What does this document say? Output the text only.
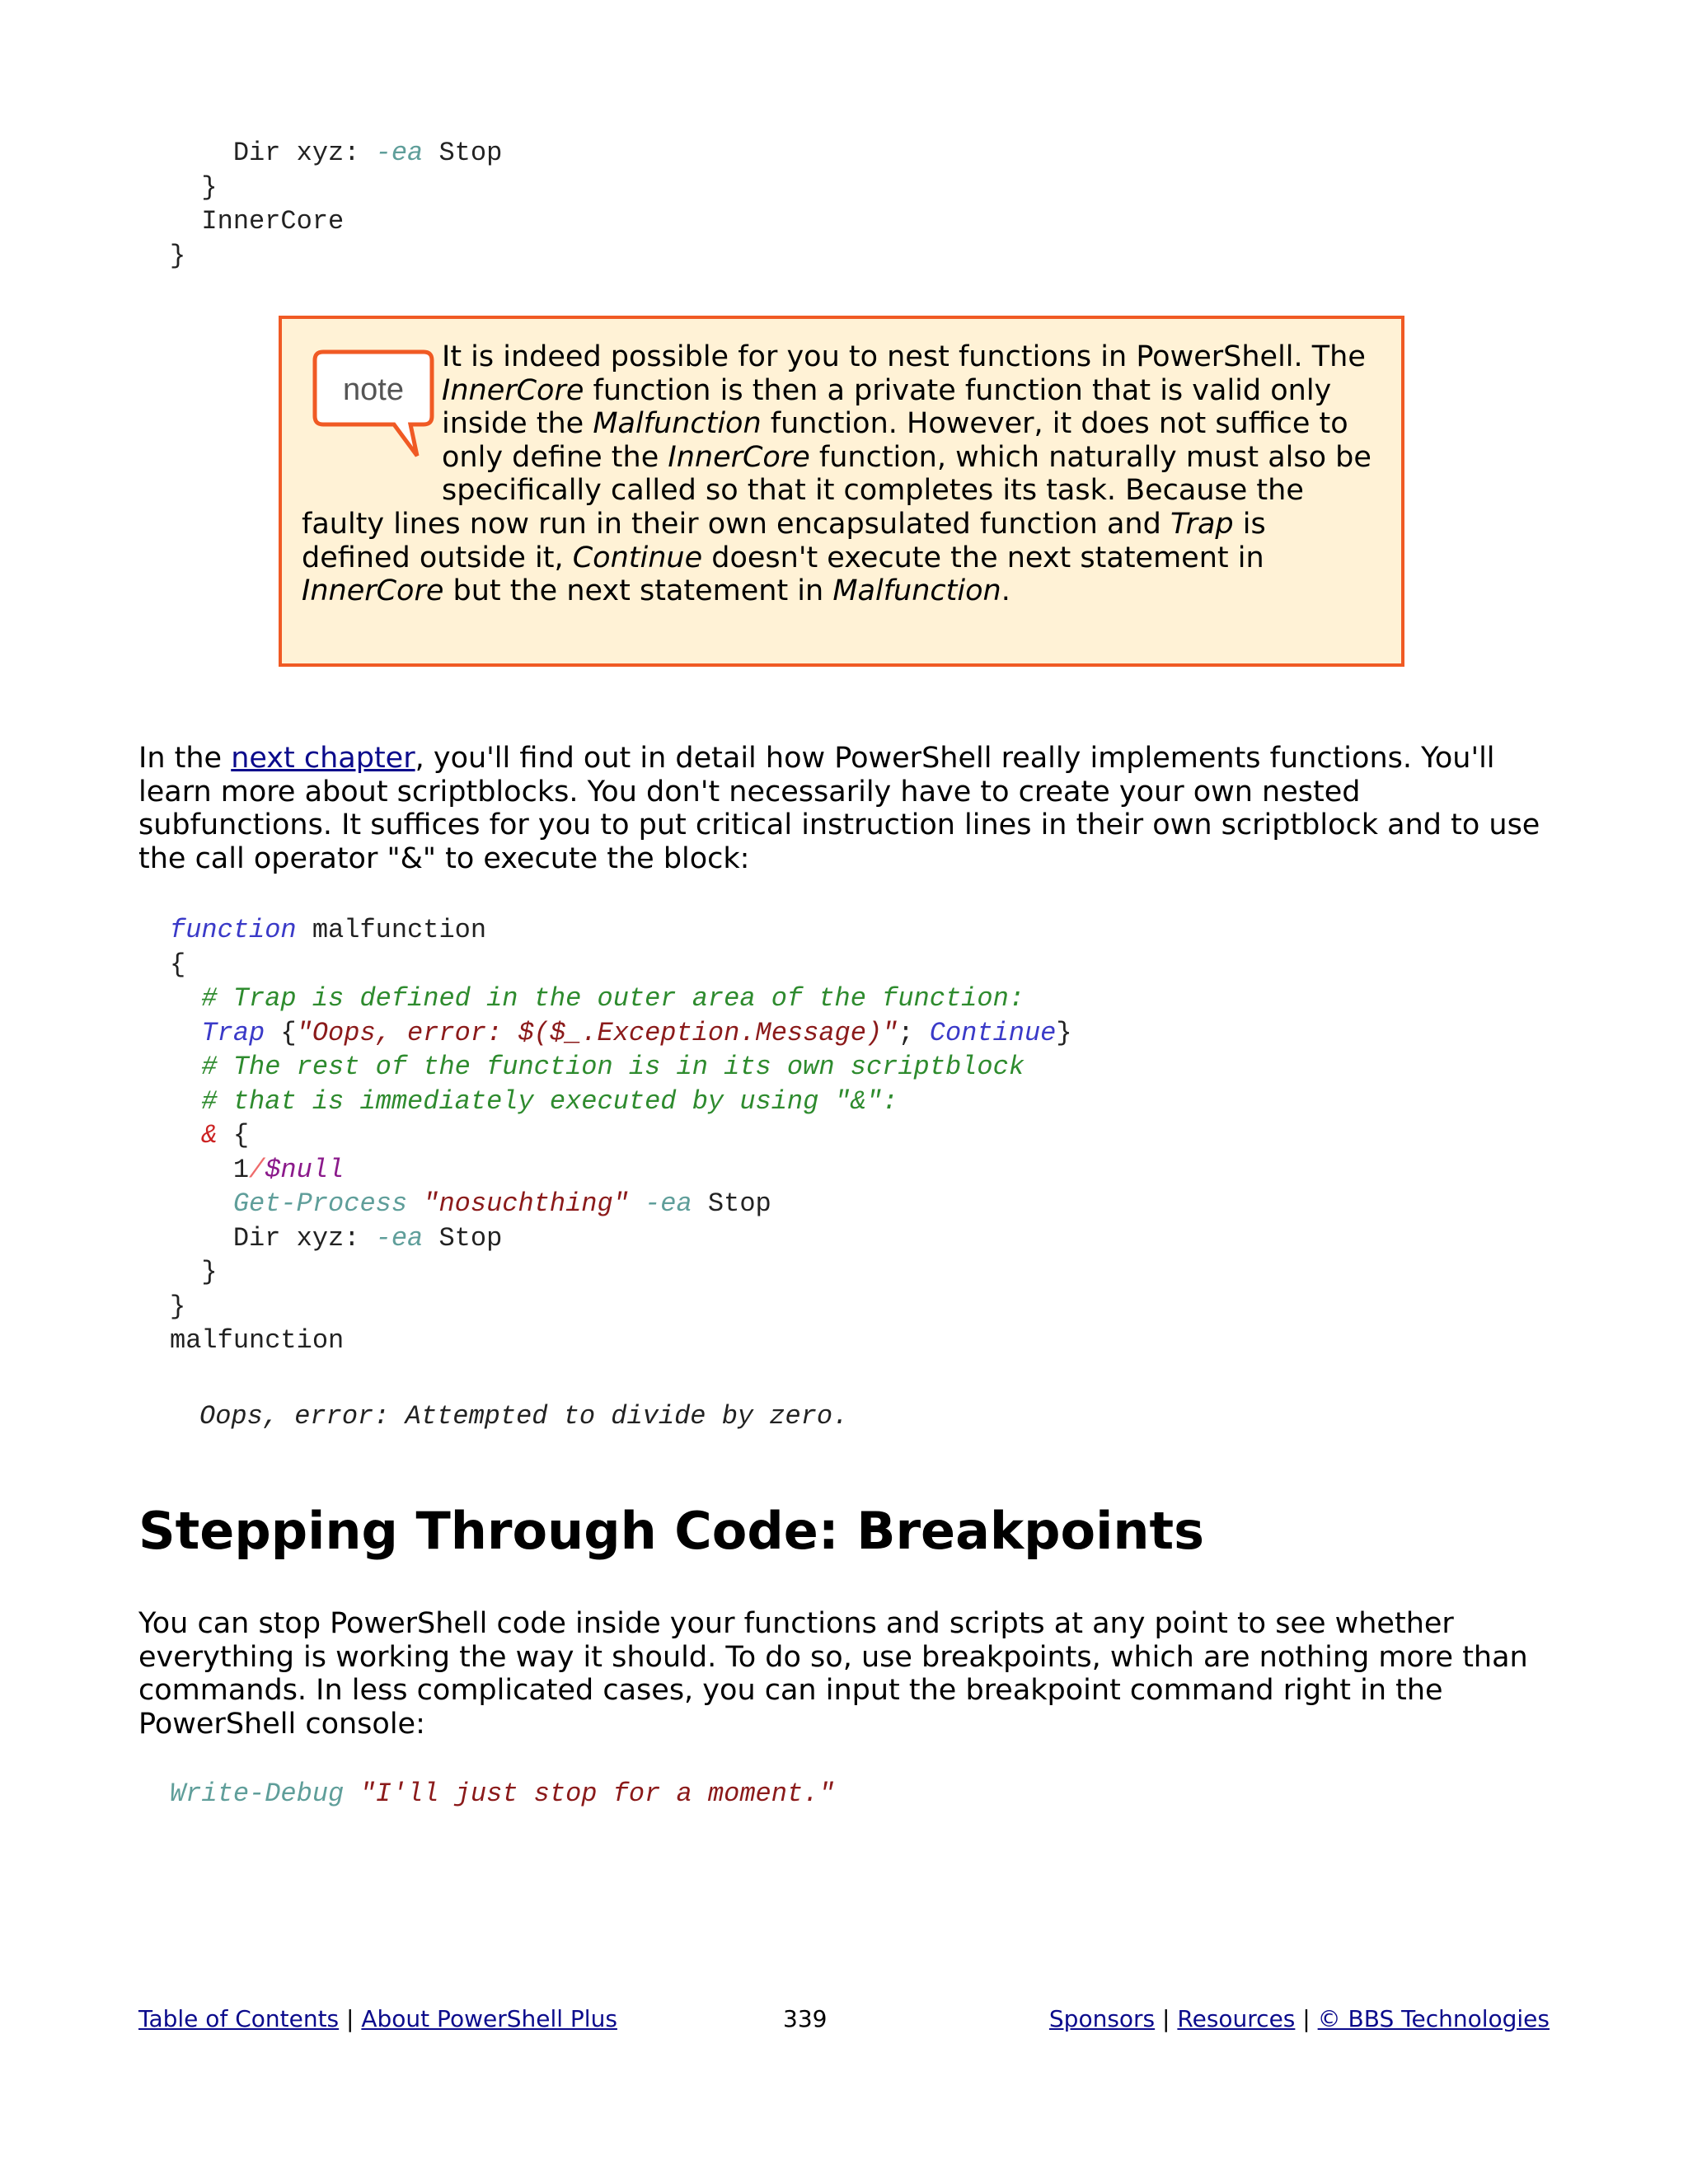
Dir xyz: -ea Stop
}
InnerCore
}
note
It is indeed possible for you to nest functions in PowerShell. The InnerCore function is then a private function that is valid only inside the Malfunction function. However, it does not suffice to only define the InnerCore function, which naturally must also be specifically called so that it completes its task. Because the faulty lines now run in their own encapsulated function and Trap is defined outside it, Continue doesn't execute the next statement in InnerCore but the next statement in Malfunction.
In the next chapter, you'll find out in detail how PowerShell really implements functions. You'll learn more about scriptblocks. You don't necessarily have to create your own nested subfunctions. It suffices for you to put critical instruction lines in their own scriptblock and to use the call operator "&" to execute the block:
function malfunction
{
# Trap is defined in the outer area of the function:
Trap {"Oops, error: $($_.Exception.Message)"; Continue}
# The rest of the function is in its own scriptblock
# that is immediately executed by using "&":
& {
1/$null
Get-Process "nosuchthing" -ea Stop
Dir xyz: -ea Stop
}
}
malfunction
Oops, error: Attempted to divide by zero.
Stepping Through Code: Breakpoints
You can stop PowerShell code inside your functions and scripts at any point to see whether everything is working the way it should. To do so, use breakpoints, which are nothing more than commands. In less complicated cases, you can input the breakpoint command right in the PowerShell console:
Write-Debug "I'll just stop for a moment."
Table of Contents | About PowerShell Plus	339	Sponsors | Resources | © BBS Technologies
